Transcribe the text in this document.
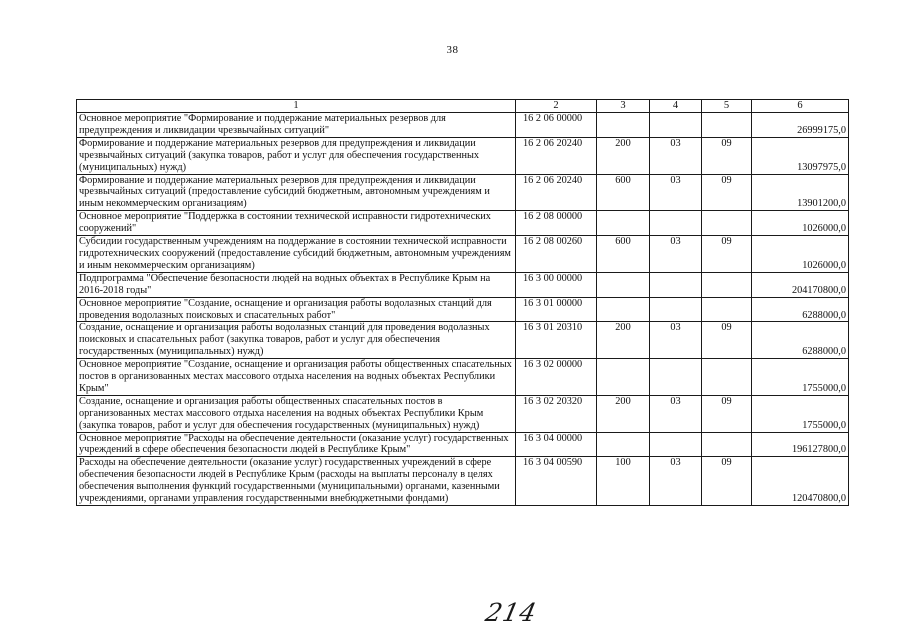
38
1	2	3	4	5	6
Основное мероприятие "Формирование и поддержание материальных резервов для предупреждения и ликвидации чрезвычайных ситуаций"	16 2 06 00000				26999175,0
Формирование и поддержание материальных резервов для предупреждения и ликвидации чрезвычайных ситуаций (закупка товаров, работ и услуг для обеспечения государственных (муниципальных) нужд)	16 2 06 20240	200	03	09	13097975,0
Формирование и поддержание материальных резервов для предупреждения и ликвидации чрезвычайных ситуаций (предоставление субсидий бюджетным, автономным учреждениям и иным некоммерческим организациям)	16 2 06 20240	600	03	09	13901200,0
Основное мероприятие "Поддержка в состоянии технической исправности гидротехнических сооружений"	16 2 08 00000				1026000,0
Субсидии государственным учреждениям на поддержание в состоянии технической исправности гидротехнических сооружений (предоставление субсидий бюджетным, автономным учреждениям и иным некоммерческим организациям)	16 2 08 00260	600	03	09	1026000,0
Подпрограмма "Обеспечение безопасности людей на водных объектах в Республике Крым на 2016-2018 годы"	16 3 00 00000				204170800,0
Основное мероприятие "Создание, оснащение и организация работы водолазных станций для проведения водолазных поисковых и спасательных работ"	16 3 01 00000				6288000,0
Создание, оснащение и организация работы водолазных станций для проведения водолазных поисковых и спасательных работ (закупка товаров, работ и услуг для обеспечения государственных (муниципальных) нужд)	16 3 01 20310	200	03	09	6288000,0
Основное мероприятие "Создание, оснащение и организация работы общественных спасательных постов в организованных местах массового отдыха населения на водных объектах Республики Крым"	16 3 02 00000				1755000,0
Создание, оснащение и организация работы общественных спасательных постов в организованных местах массового отдыха населения на водных объектах Республики Крым (закупка товаров, работ и услуг для обеспечения государственных (муниципальных) нужд)	16 3 02 20320	200	03	09	1755000,0
Основное мероприятие "Расходы на обеспечение деятельности (оказание услуг) государственных учреждений в сфере обеспечения безопасности людей в Республике Крым"	16 3 04 00000				196127800,0
Расходы на обеспечение деятельности (оказание услуг) государственных учреждений в сфере обеспечения безопасности людей в Республике Крым (расходы на выплаты персоналу в целях обеспечения выполнения функций государственными (муниципальными) органами, казенными учреждениями, органами управления государственными внебюджетными фондами)	16 3 04 00590	100	03	09	120470800,0
214
